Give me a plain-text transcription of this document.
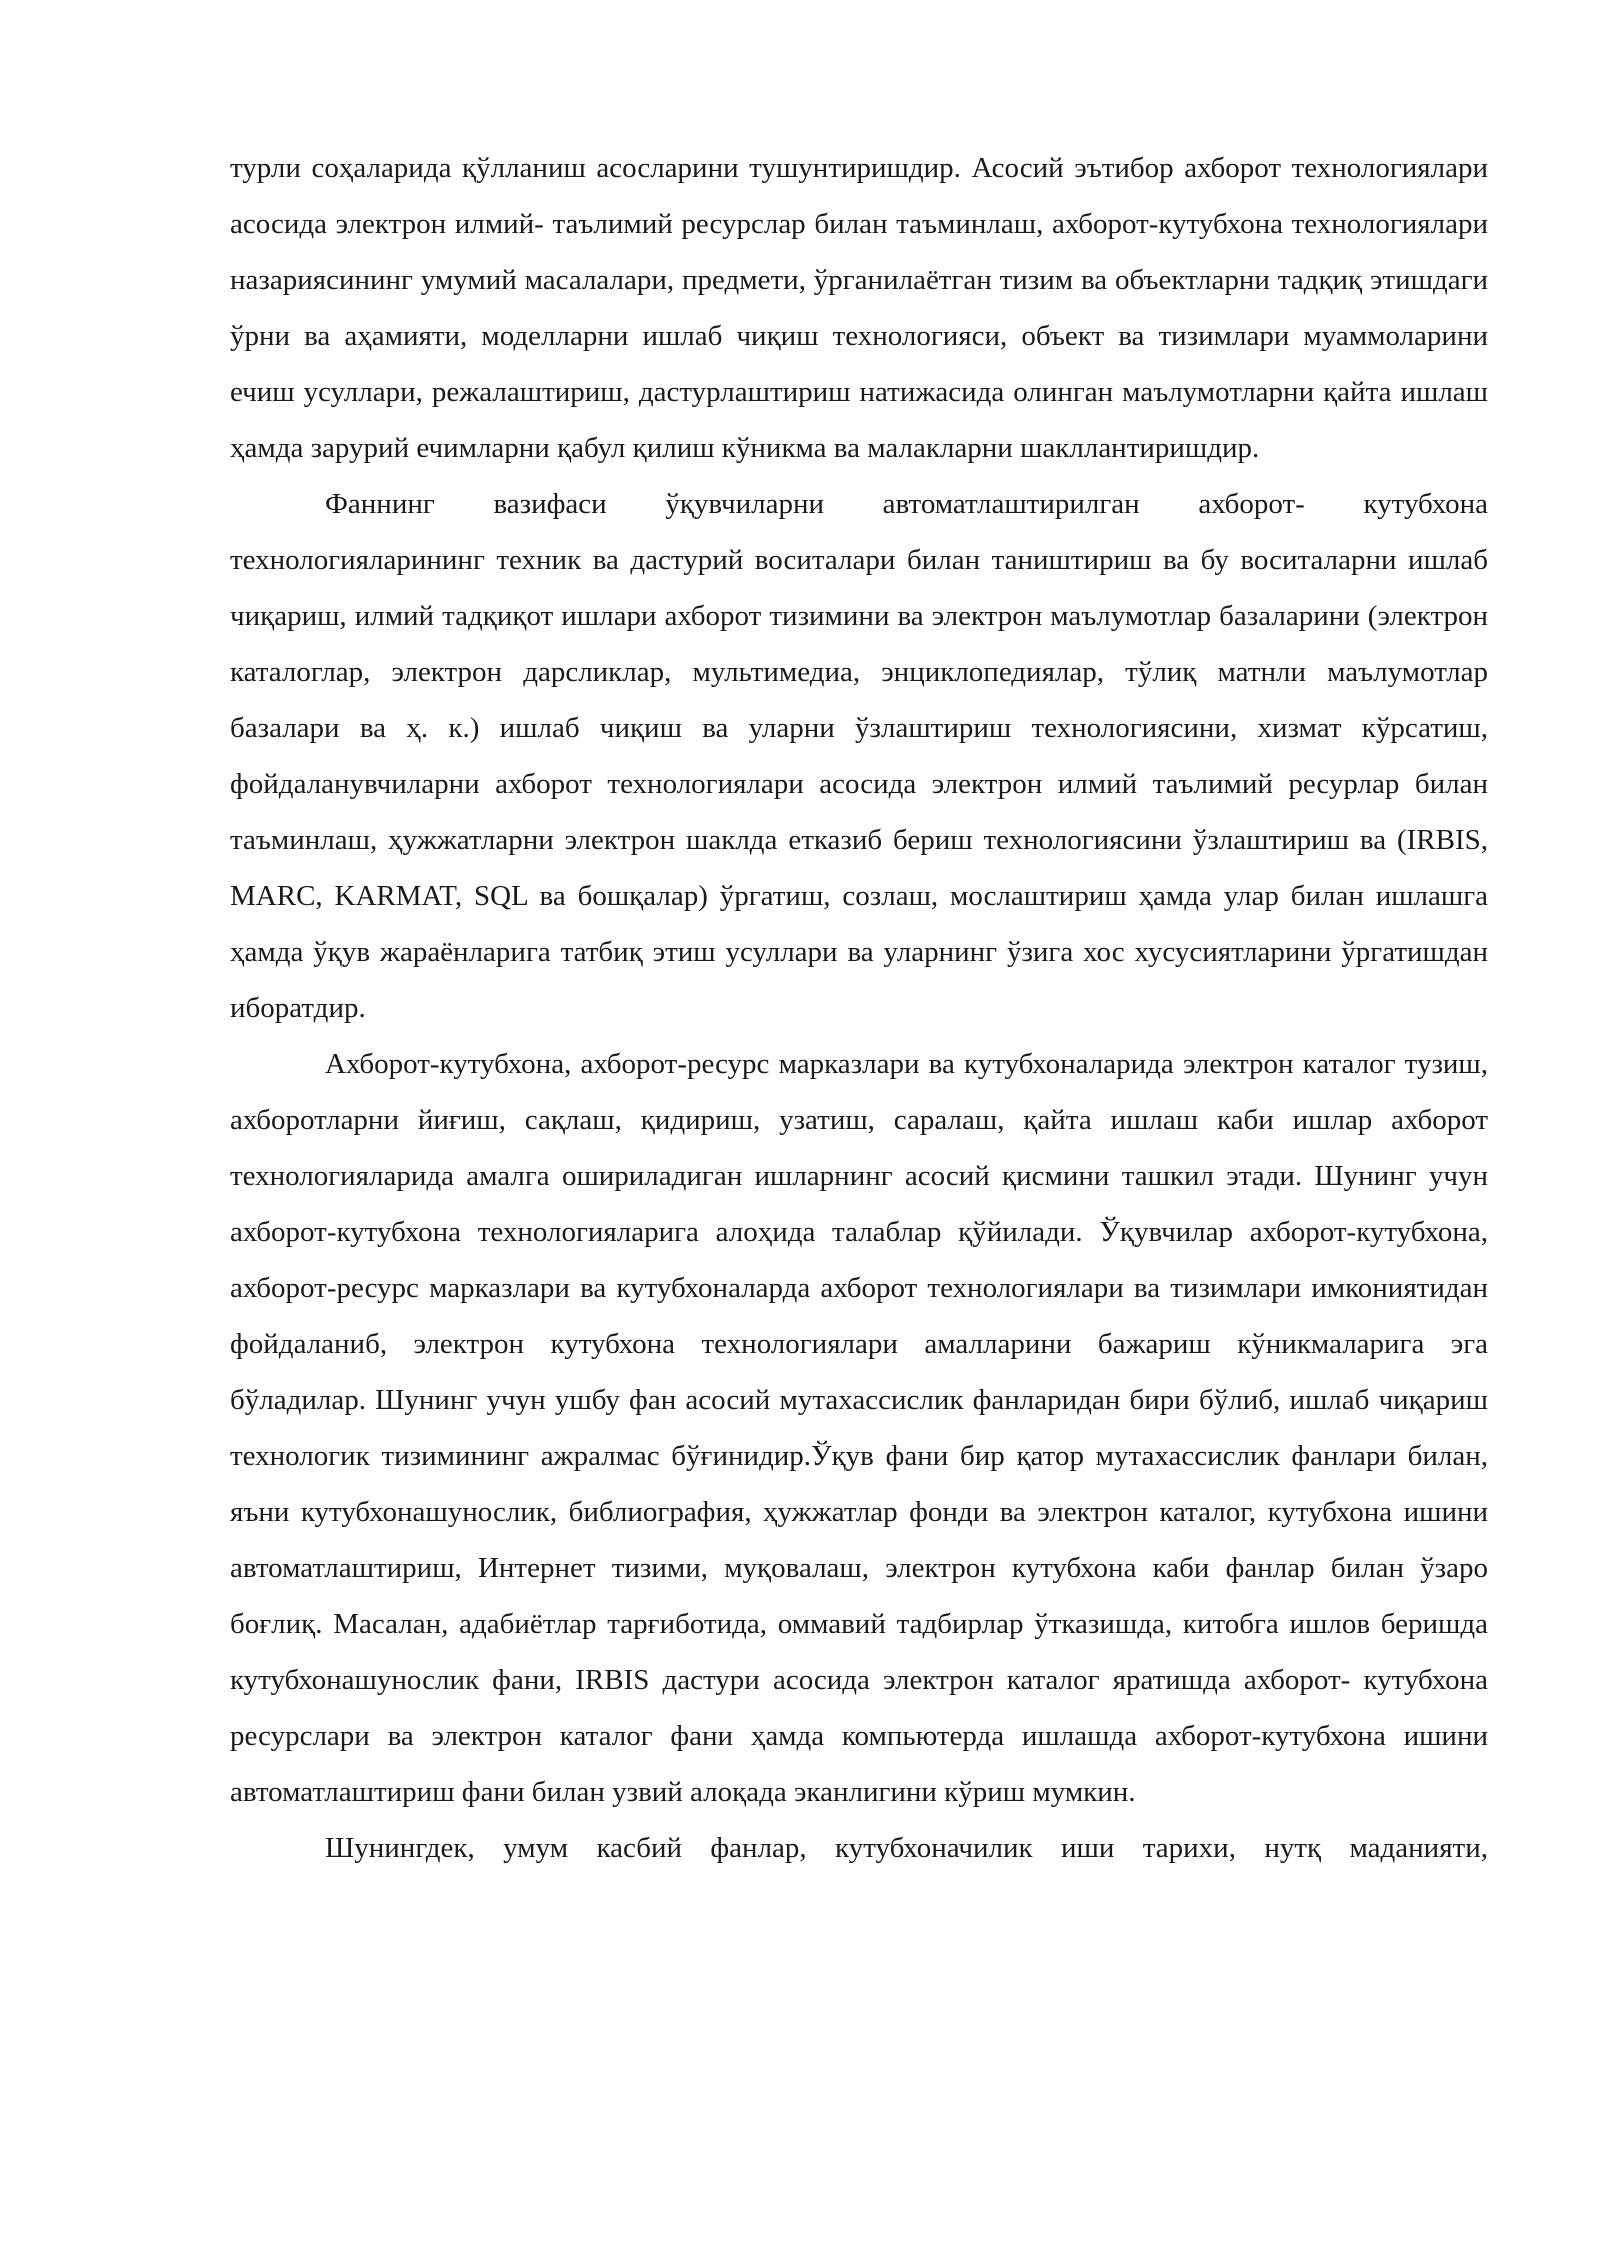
турли соҳаларида қўлланиш асосларини тушунтиришдир. Асосий эътибор ахборот технологиялари асосида электрон илмий- таълимий ресурслар билан таъминлаш, ахборот-кутубхона технологиялари назариясининг умумий масалалари, предмети, ўрганилаётган тизим ва объектларни тадқиқ этишдаги ўрни ва аҳамияти, моделларни ишлаб чиқиш технологияси, объект ва тизимлари муаммоларини ечиш усуллари, режалаштириш, дастурлаштириш натижасида олинган маълумотларни қайта ишлаш ҳамда зарурий ечимларни қабул қилиш кўникма ва малакларни шакллантиришдир.

Фаннинг вазифаси ўқувчиларни автоматлаштирилган ахборот- кутубхона технологияларининг техник ва дастурий воситалари билан таништириш ва бу воситаларни ишлаб чиқариш, илмий тадқиқот ишлари ахборот тизимини ва электрон маълумотлар базаларини (электрон каталоглар, электрон дарсликлар, мультимедиа, энциклопедиялар, тўлиқ матнли маълумотлар базалари ва ҳ. к.) ишлаб чиқиш ва уларни ўзлаштириш технологиясини, хизмат кўрсатиш, фойдаланувчиларни ахборот технологиялари асосида электрон илмий таълимий ресурлар билан таъминлаш, ҳужжатларни электрон шаклда етказиб бериш технологиясини ўзлаштириш ва (IRBIS, MARC, KARMAT, SQL ва бошқалар) ўргатиш, созлаш, мослаштириш ҳамда улар билан ишлашга ҳамда ўқув жараёнларига татбиқ этиш усуллари ва уларнинг ўзига хос хусусиятларини ўргатишдан иборатдир.

Ахборот-кутубхона, ахборот-ресурс марказлари ва кутубхоналарида электрон каталог тузиш, ахборотларни йиғиш, сақлаш, қидириш, узатиш, саралаш, қайта ишлаш каби ишлар ахборот технологияларида амалга ошириладиган ишларнинг асосий қисмини ташкил этади. Шунинг учун ахборот-кутубхона технологияларига алоҳида талаблар қўйилади. Ўқувчилар ахборот-кутубхона, ахборот-ресурс марказлари ва кутубхоналарда ахборот технологиялари ва тизимлари имкониятидан фойдаланиб, электрон кутубхона технологиялари амалларини бажариш кўникмаларига эга бўладилар. Шунинг учун ушбу фан асосий мутахассислик фанларидан бири бўлиб, ишлаб чиқариш технологик тизимининг ажралмас бўғинидир.Ўқув фани бир қатор мутахассислик фанлари билан, яъни кутубхонашунослик, библиография, ҳужжатлар фонди ва электрон каталог, кутубхона ишини автоматлаштириш, Интернет тизими, муқовалаш, электрон кутубхона каби фанлар билан ўзаро боғлиқ. Масалан, адабиётлар тарғиботида, оммавий тадбирлар ўтказишда, китобга ишлов беришда кутубхонашунослик фани, IRBIS дастури асосида электрон каталог яратишда ахборот- кутубхона ресурслари ва электрон каталог фани ҳамда компьютерда ишлашда ахборот-кутубхона ишини автоматлаштириш фани билан узвий алоқада эканлигини кўриш мумкин.

Шунингдек, умум касбий фанлар, кутубхоначилик иши тарихи, нутқ маданияти,
